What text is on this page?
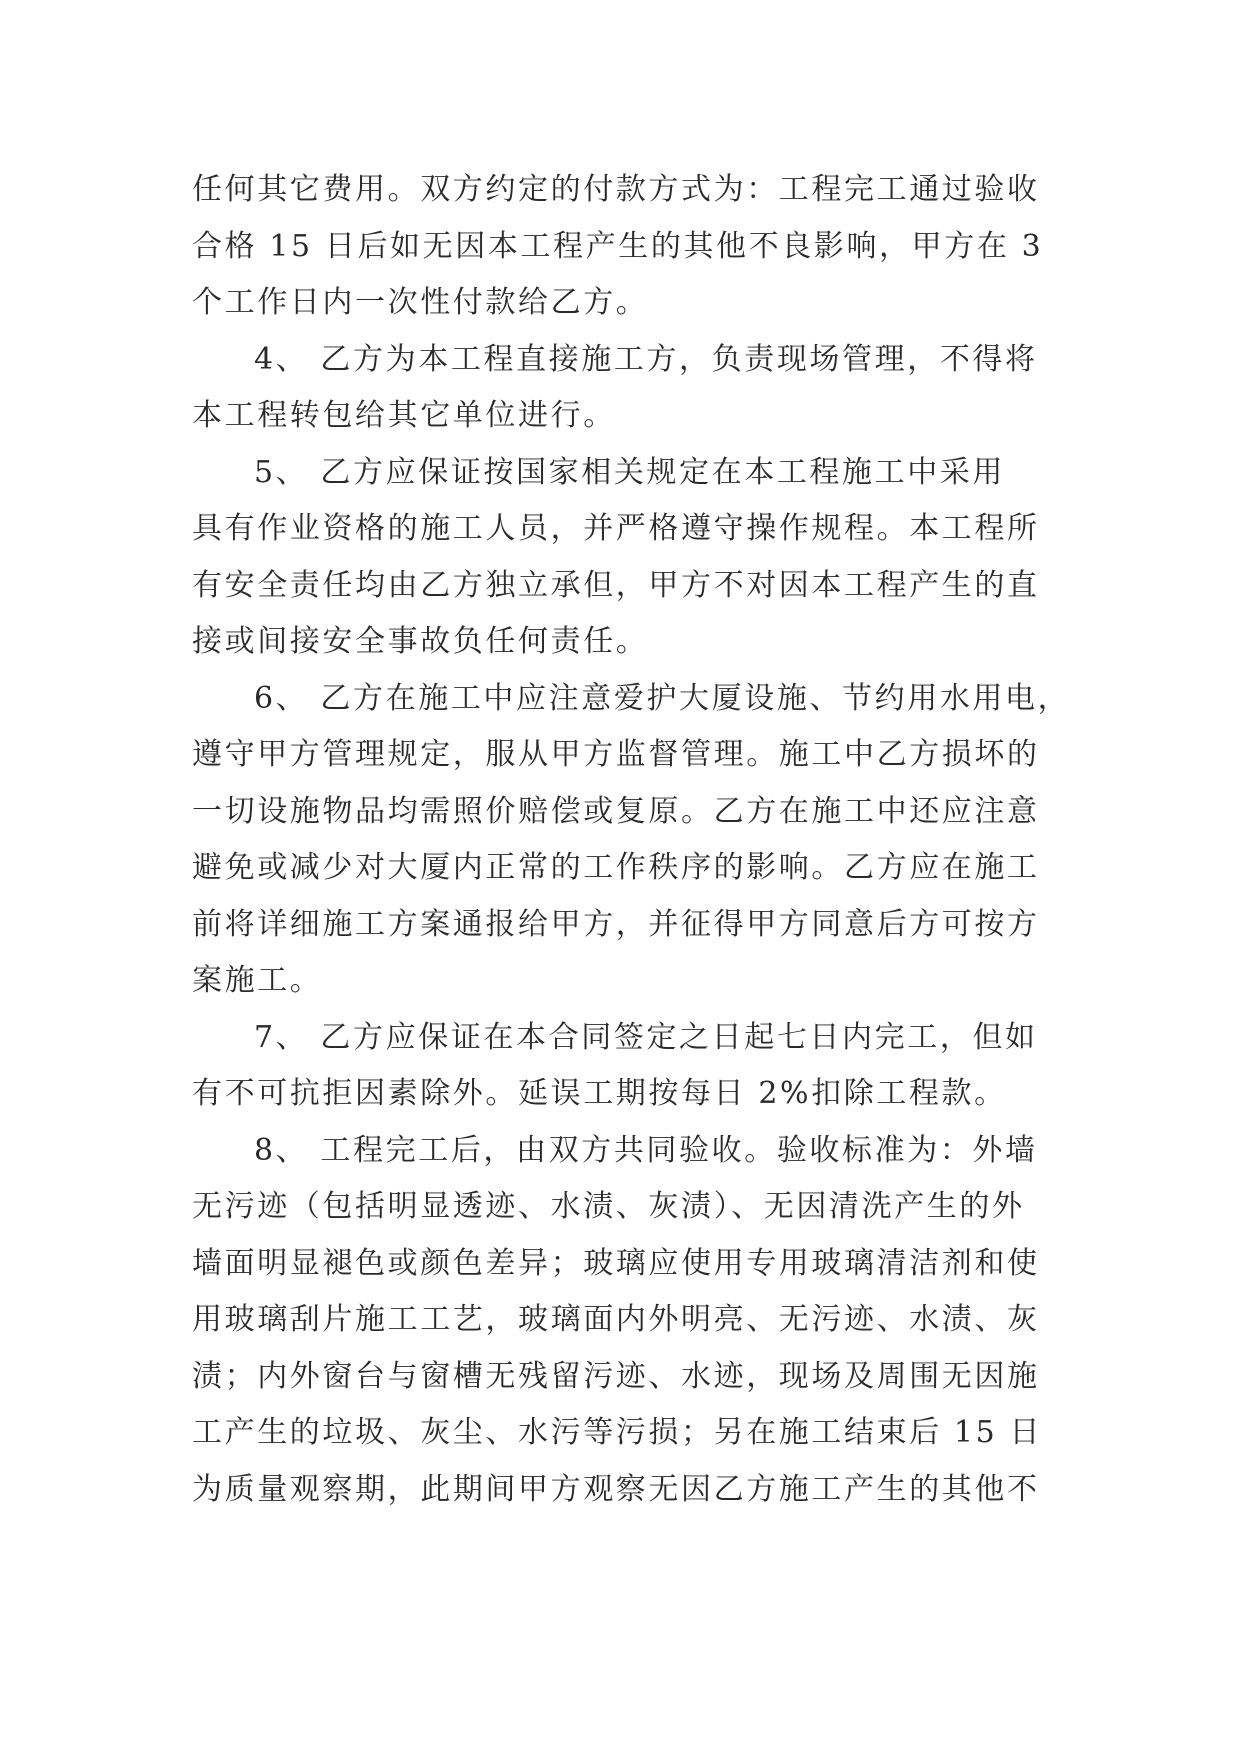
任何其它费用。双方约定的付款方式为：工程完工通过验收
合格 15 日后如无因本工程产生的其他不良影响，甲方在 3
个工作日内一次性付款给乙方。
4、 乙方为本工程直接施工方，负责现场管理，不得将
本工程转包给其它单位进行。
5、 乙方应保证按国家相关规定在本工程施工中采用
具有作业资格的施工人员，并严格遵守操作规程。本工程所
有安全责任均由乙方独立承但，甲方不对因本工程产生的直
接或间接安全事故负任何责任。
6、 乙方在施工中应注意爱护大厦设施、节约用水用电，
遵守甲方管理规定，服从甲方监督管理。施工中乙方损坏的
一切设施物品均需照价赔偿或复原。乙方在施工中还应注意
避免或减少对大厦内正常的工作秩序的影响。乙方应在施工
前将详细施工方案通报给甲方，并征得甲方同意后方可按方
案施工。
7、 乙方应保证在本合同签定之日起七日内完工，但如
有不可抗拒因素除外。延误工期按每日 2%扣除工程款。
8、 工程完工后，由双方共同验收。验收标准为：外墙
无污迹（包括明显透迹、水渍、灰渍）、无因清洗产生的外
墙面明显褪色或颜色差异；玻璃应使用专用玻璃清洁剂和使
用玻璃刮片施工工艺，玻璃面内外明亮、无污迹、水渍、灰
渍；内外窗台与窗槽无残留污迹、水迹，现场及周围无因施
工产生的垃圾、灰尘、水污等污损；另在施工结束后 15 日
为质量观察期，此期间甲方观察无因乙方施工产生的其他不
